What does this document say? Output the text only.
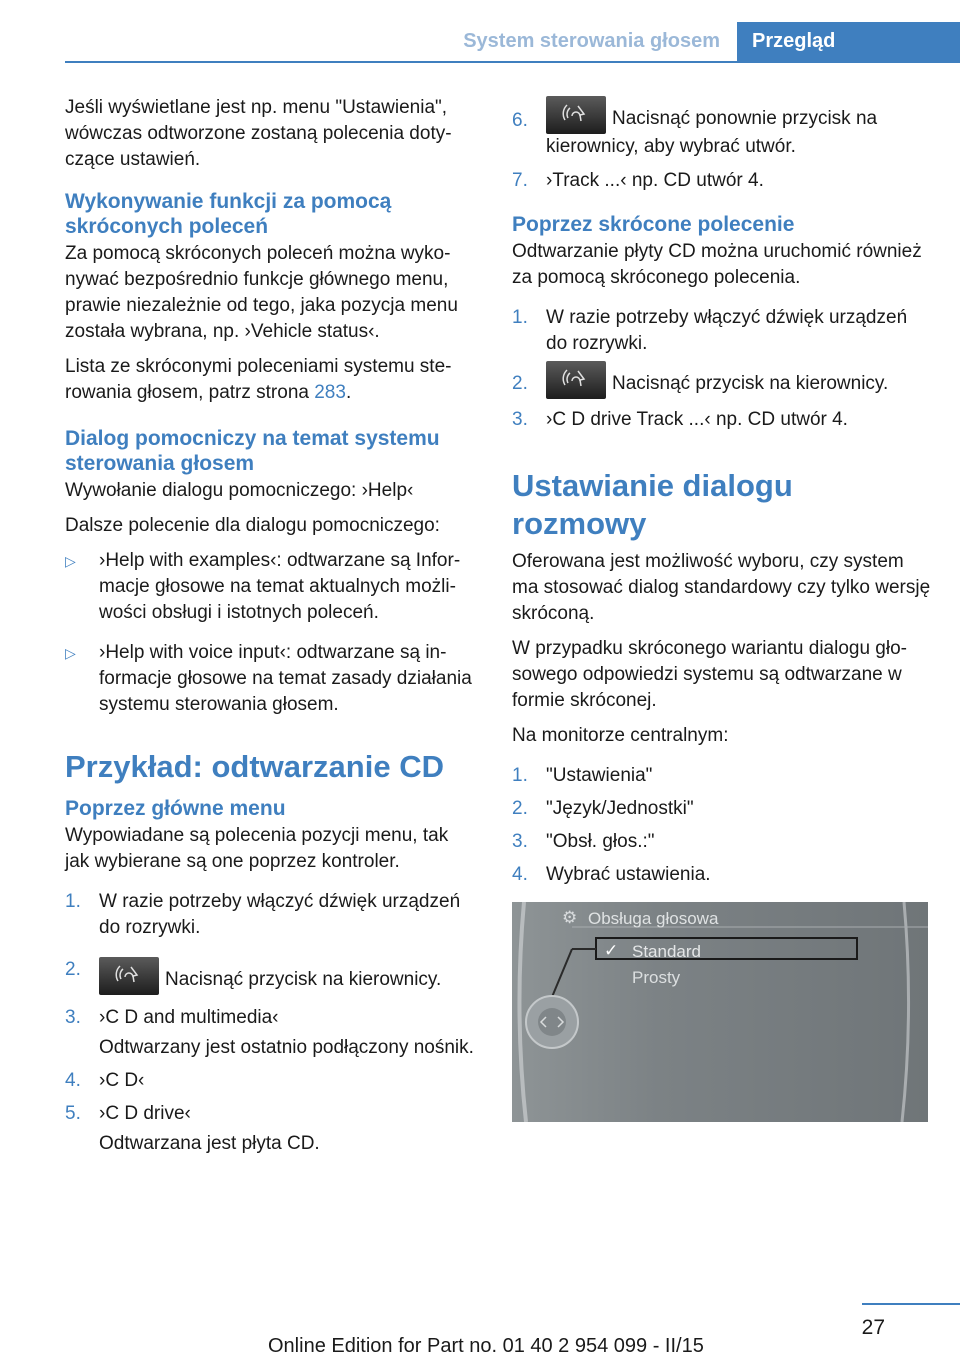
System sterowania głosem	Przegląd

Jeśli wyświetlane jest np. menu "Ustawienia", wówczas odtworzone zostaną polecenia dotyczące ustawień.

Wykonywanie funkcji za pomocą skróconych poleceń

Za pomocą skróconych poleceń można wykonywać bezpośrednio funkcje głównego menu, prawie niezależnie od tego, jaka pozycja menu została wybrana, np. ›Vehicle status‹.

Lista ze skróconymi poleceniami systemu sterowania głosem, patrz strona 283.

Dialog pomocniczy na temat systemu sterowania głosem

Wywołanie dialogu pomocniczego: ›Help‹

Dalsze polecenie dla dialogu pomocniczego:

▷	›Help with examples‹: odtwarzane są Informacje głosowe na temat aktualnych możliwości obsługi i istotnych poleceń.
▷	›Help with voice input‹: odtwarzane są informacje głosowe na temat zasady działania systemu sterowania głosem.
Przykład: odtwarzanie CD
Poprzez główne menu

Wypowiadane są polecenia pozycji menu, tak jak wybierane są one poprzez kontroler.

1. W razie potrzeby włączyć dźwięk urządzeń do rozrywki.
2.	Nacisnąć przycisk na kierownicy.
3. ›C D and multimedia‹
Odtwarzany jest ostatnio podłączony nośnik.
4. ›C D‹
5. ›C D drive‹
Odtwarzana jest płyta CD.
6.	Nacisnąć ponownie przycisk na kierownicy, aby wybrać utwór.
7. ›Track ...‹ np. CD utwór 4.
Poprzez skrócone polecenie

Odtwarzanie płyty CD można uruchomić również za pomocą skróconego polecenia.

1. W razie potrzeby włączyć dźwięk urządzeń do rozrywki.
2.	Nacisnąć przycisk na kierownicy.
3. ›C D drive Track ...‹ np. CD utwór 4.
Ustawianie dialogu rozmowy

Oferowana jest możliwość wyboru, czy system ma stosować dialog standardowy czy tylko wersję skróconą.

W przypadku skróconego wariantu dialogu głosowego odpowiedzi systemu są odtwarzane w formie skróconej.

Na monitorze centralnym:

1. "Ustawienia"
2. "Język/Jednostki"
3. "Obsł. głos.:"
4. Wybrać ustawienia.
⚙ Obsługa głosowa
✓ Standard
Prosty
27
Online Edition for Part no. 01 40 2 954 099 - II/15
